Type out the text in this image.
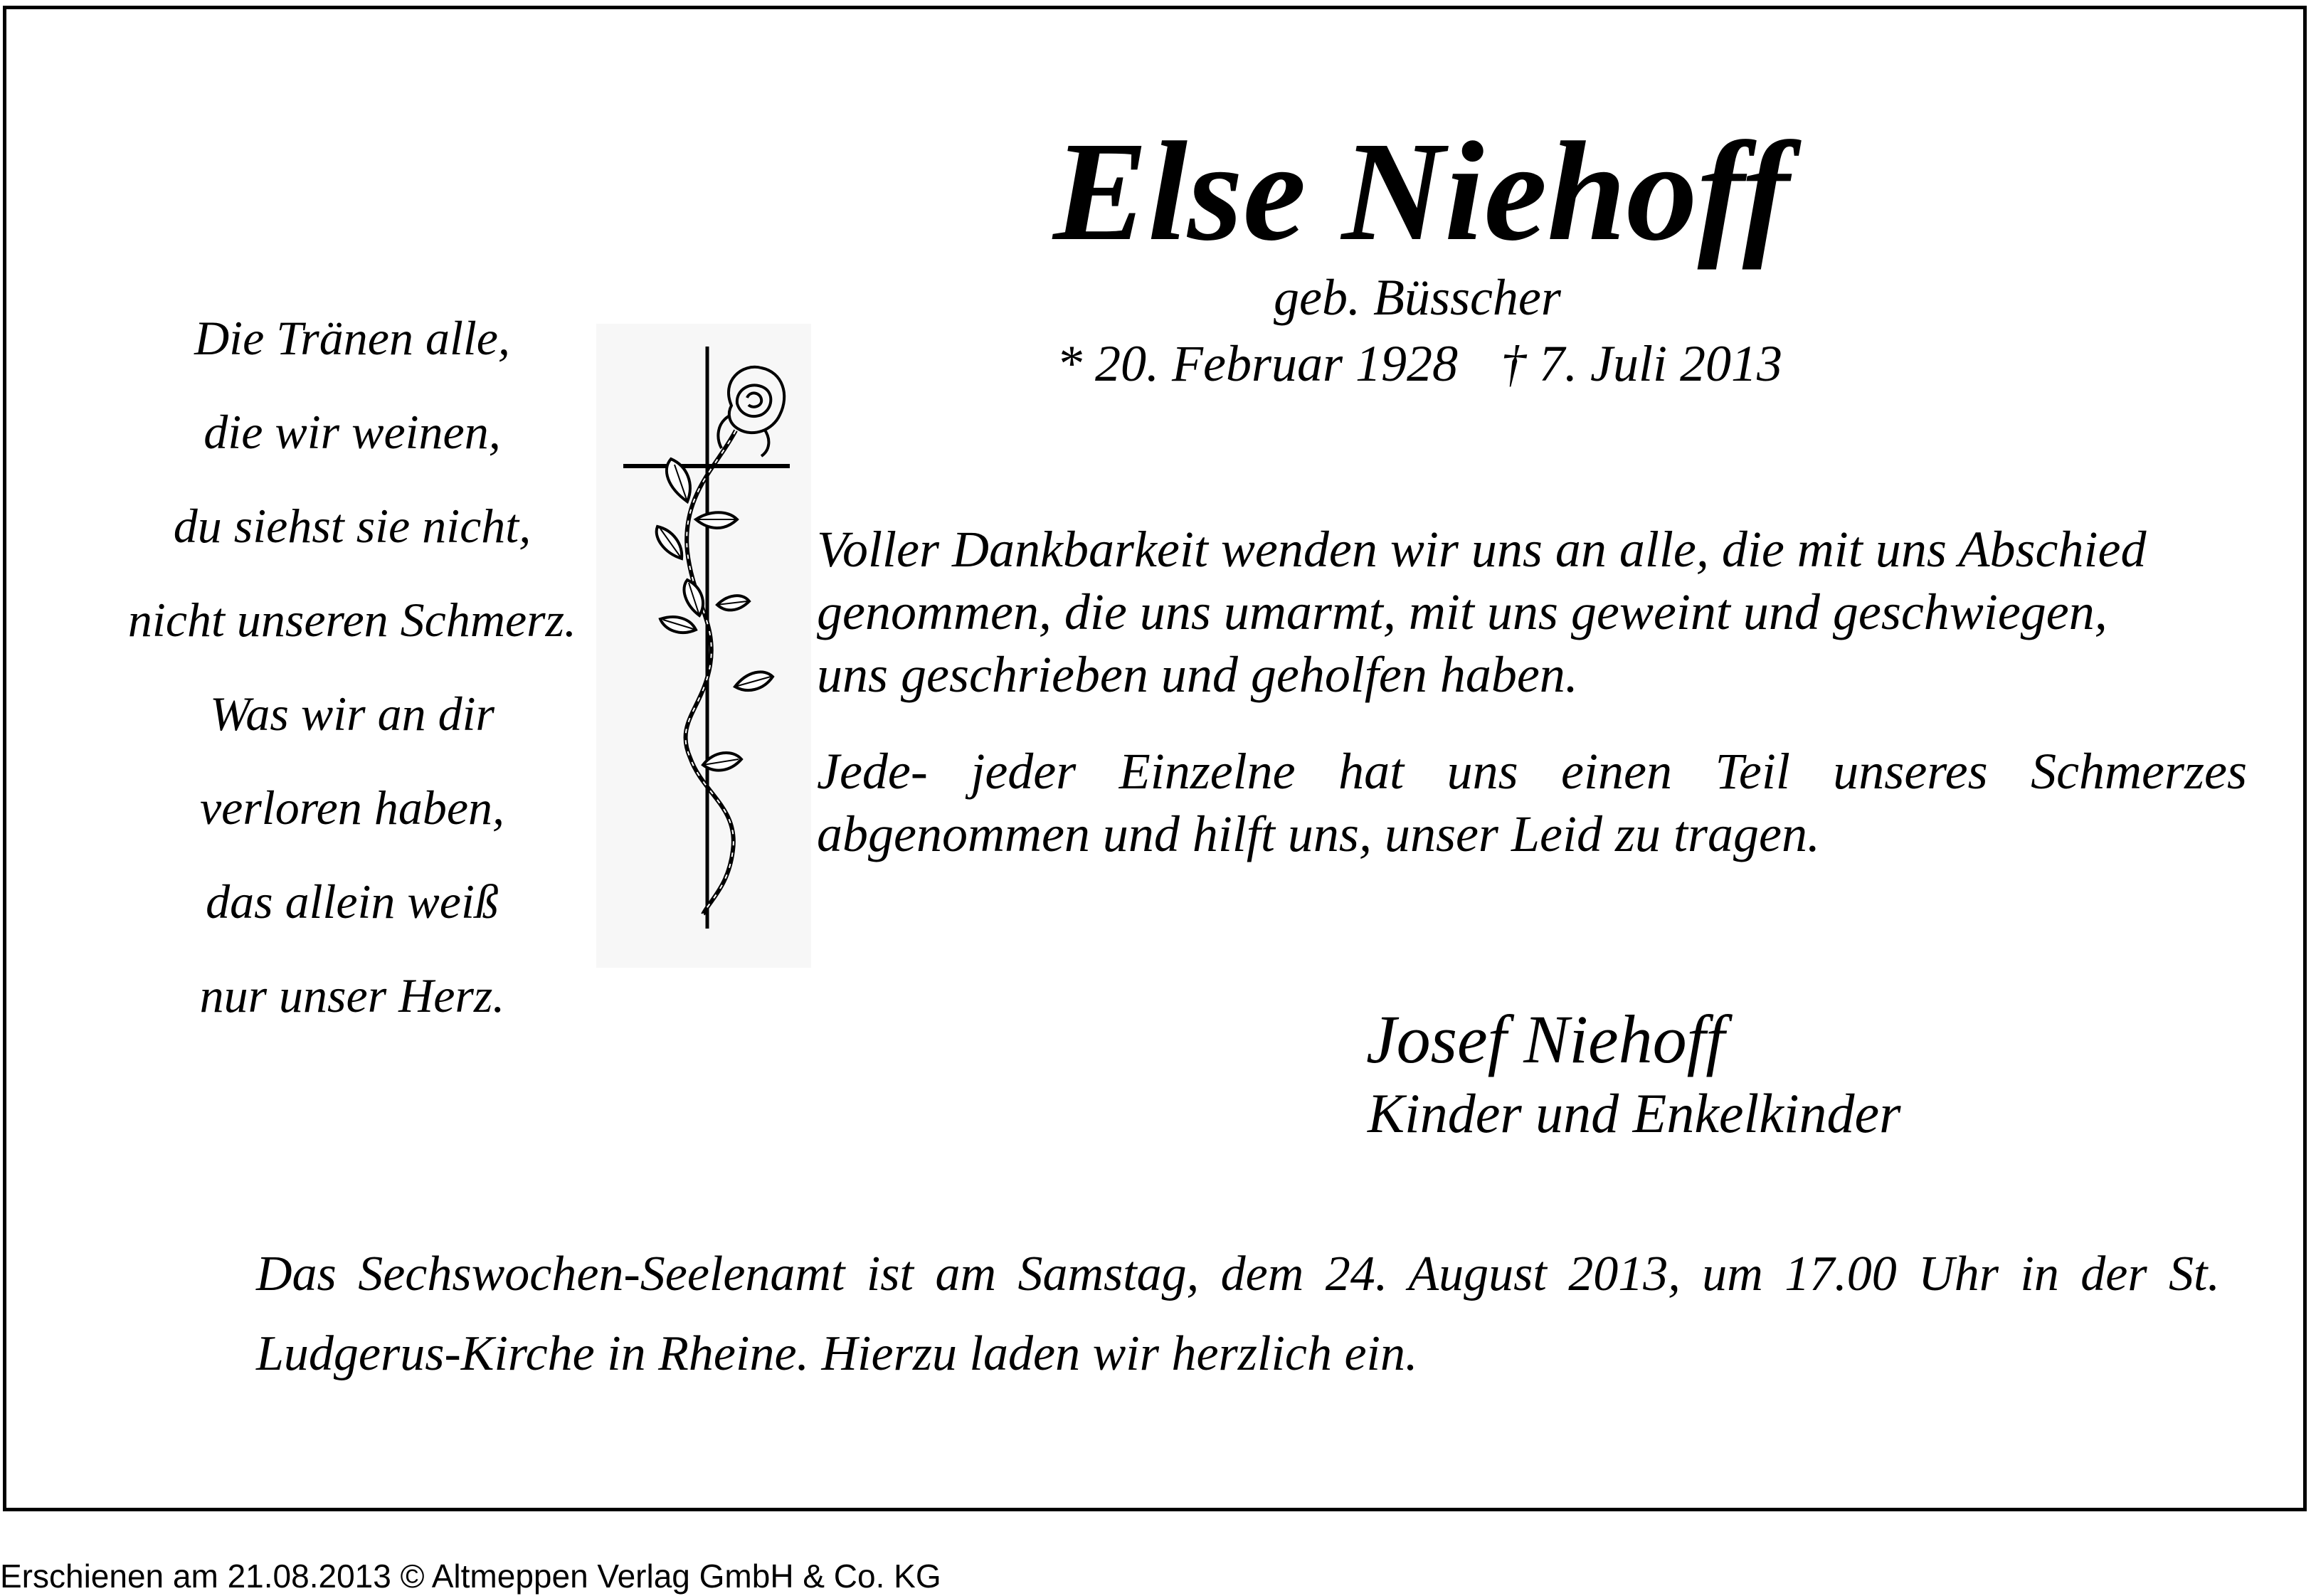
Else Niehoff
geb. Büsscher
* 20. Februar 1928 † 7. Juli 2013
Die Tränen alle,
die wir weinen,
du siehst sie nicht,
nicht unseren Schmerz.
Was wir an dir
verloren haben,
das allein weiß
nur unser Herz.
Voller Dankbarkeit wenden wir uns an alle, die mit uns Abschied
genommen, die uns umarmt, mit uns geweint und geschwiegen,
uns geschrieben und geholfen haben.
Jede- jeder Einzelne hat uns einen Teil unseres Schmerzes abgenommen und hilft uns, unser Leid zu tragen.
Josef Niehoff
Kinder und Enkelkinder
Das Sechswochen-Seelenamt ist am Samstag, dem 24. August 2013, um 17.00 Uhr in der St. Ludgerus-Kirche in Rheine. Hierzu laden wir herzlich ein.
Erschienen am 21.08.2013 © Altmeppen Verlag GmbH & Co. KG
